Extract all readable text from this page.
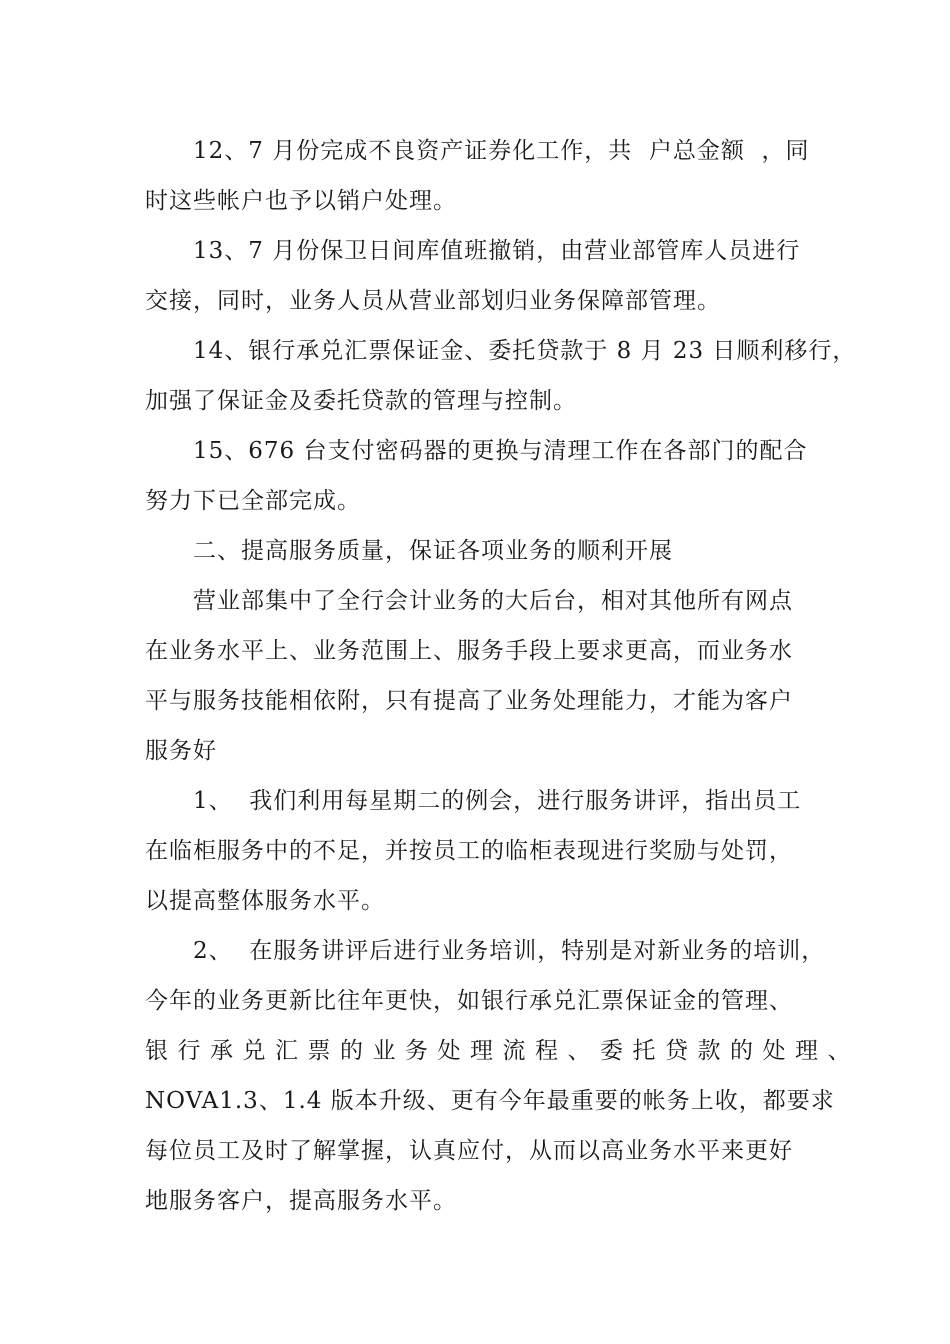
12、7 月份完成不良资产证券化工作，共  户总金额  ，同
时这些帐户也予以销户处理。
13、7 月份保卫日间库值班撤销，由营业部管库人员进行
交接，同时，业务人员从营业部划归业务保障部管理。
14、银行承兑汇票保证金、委托贷款于 8 月 23 日顺利移行，
加强了保证金及委托贷款的管理与控制。
15、676 台支付密码器的更换与清理工作在各部门的配合
努力下已全部完成。
二、提高服务质量，保证各项业务的顺利开展
营业部集中了全行会计业务的大后台，相对其他所有网点
在业务水平上、业务范围上、服务手段上要求更高，而业务水
平与服务技能相依附，只有提高了业务处理能力，才能为客户
服务好
1、  我们利用每星期二的例会，进行服务讲评，指出员工
在临柜服务中的不足，并按员工的临柜表现进行奖励与处罚，
以提高整体服务水平。
2、  在服务讲评后进行业务培训，特别是对新业务的培训，
今年的业务更新比往年更快，如银行承兑汇票保证金的管理、
银行承兑汇票的业务处理流程、委托贷款的处理、
NOVA1.3、1.4 版本升级、更有今年最重要的帐务上收，都要求
每位员工及时了解掌握，认真应付，从而以高业务水平来更好
地服务客户，提高服务水平。
